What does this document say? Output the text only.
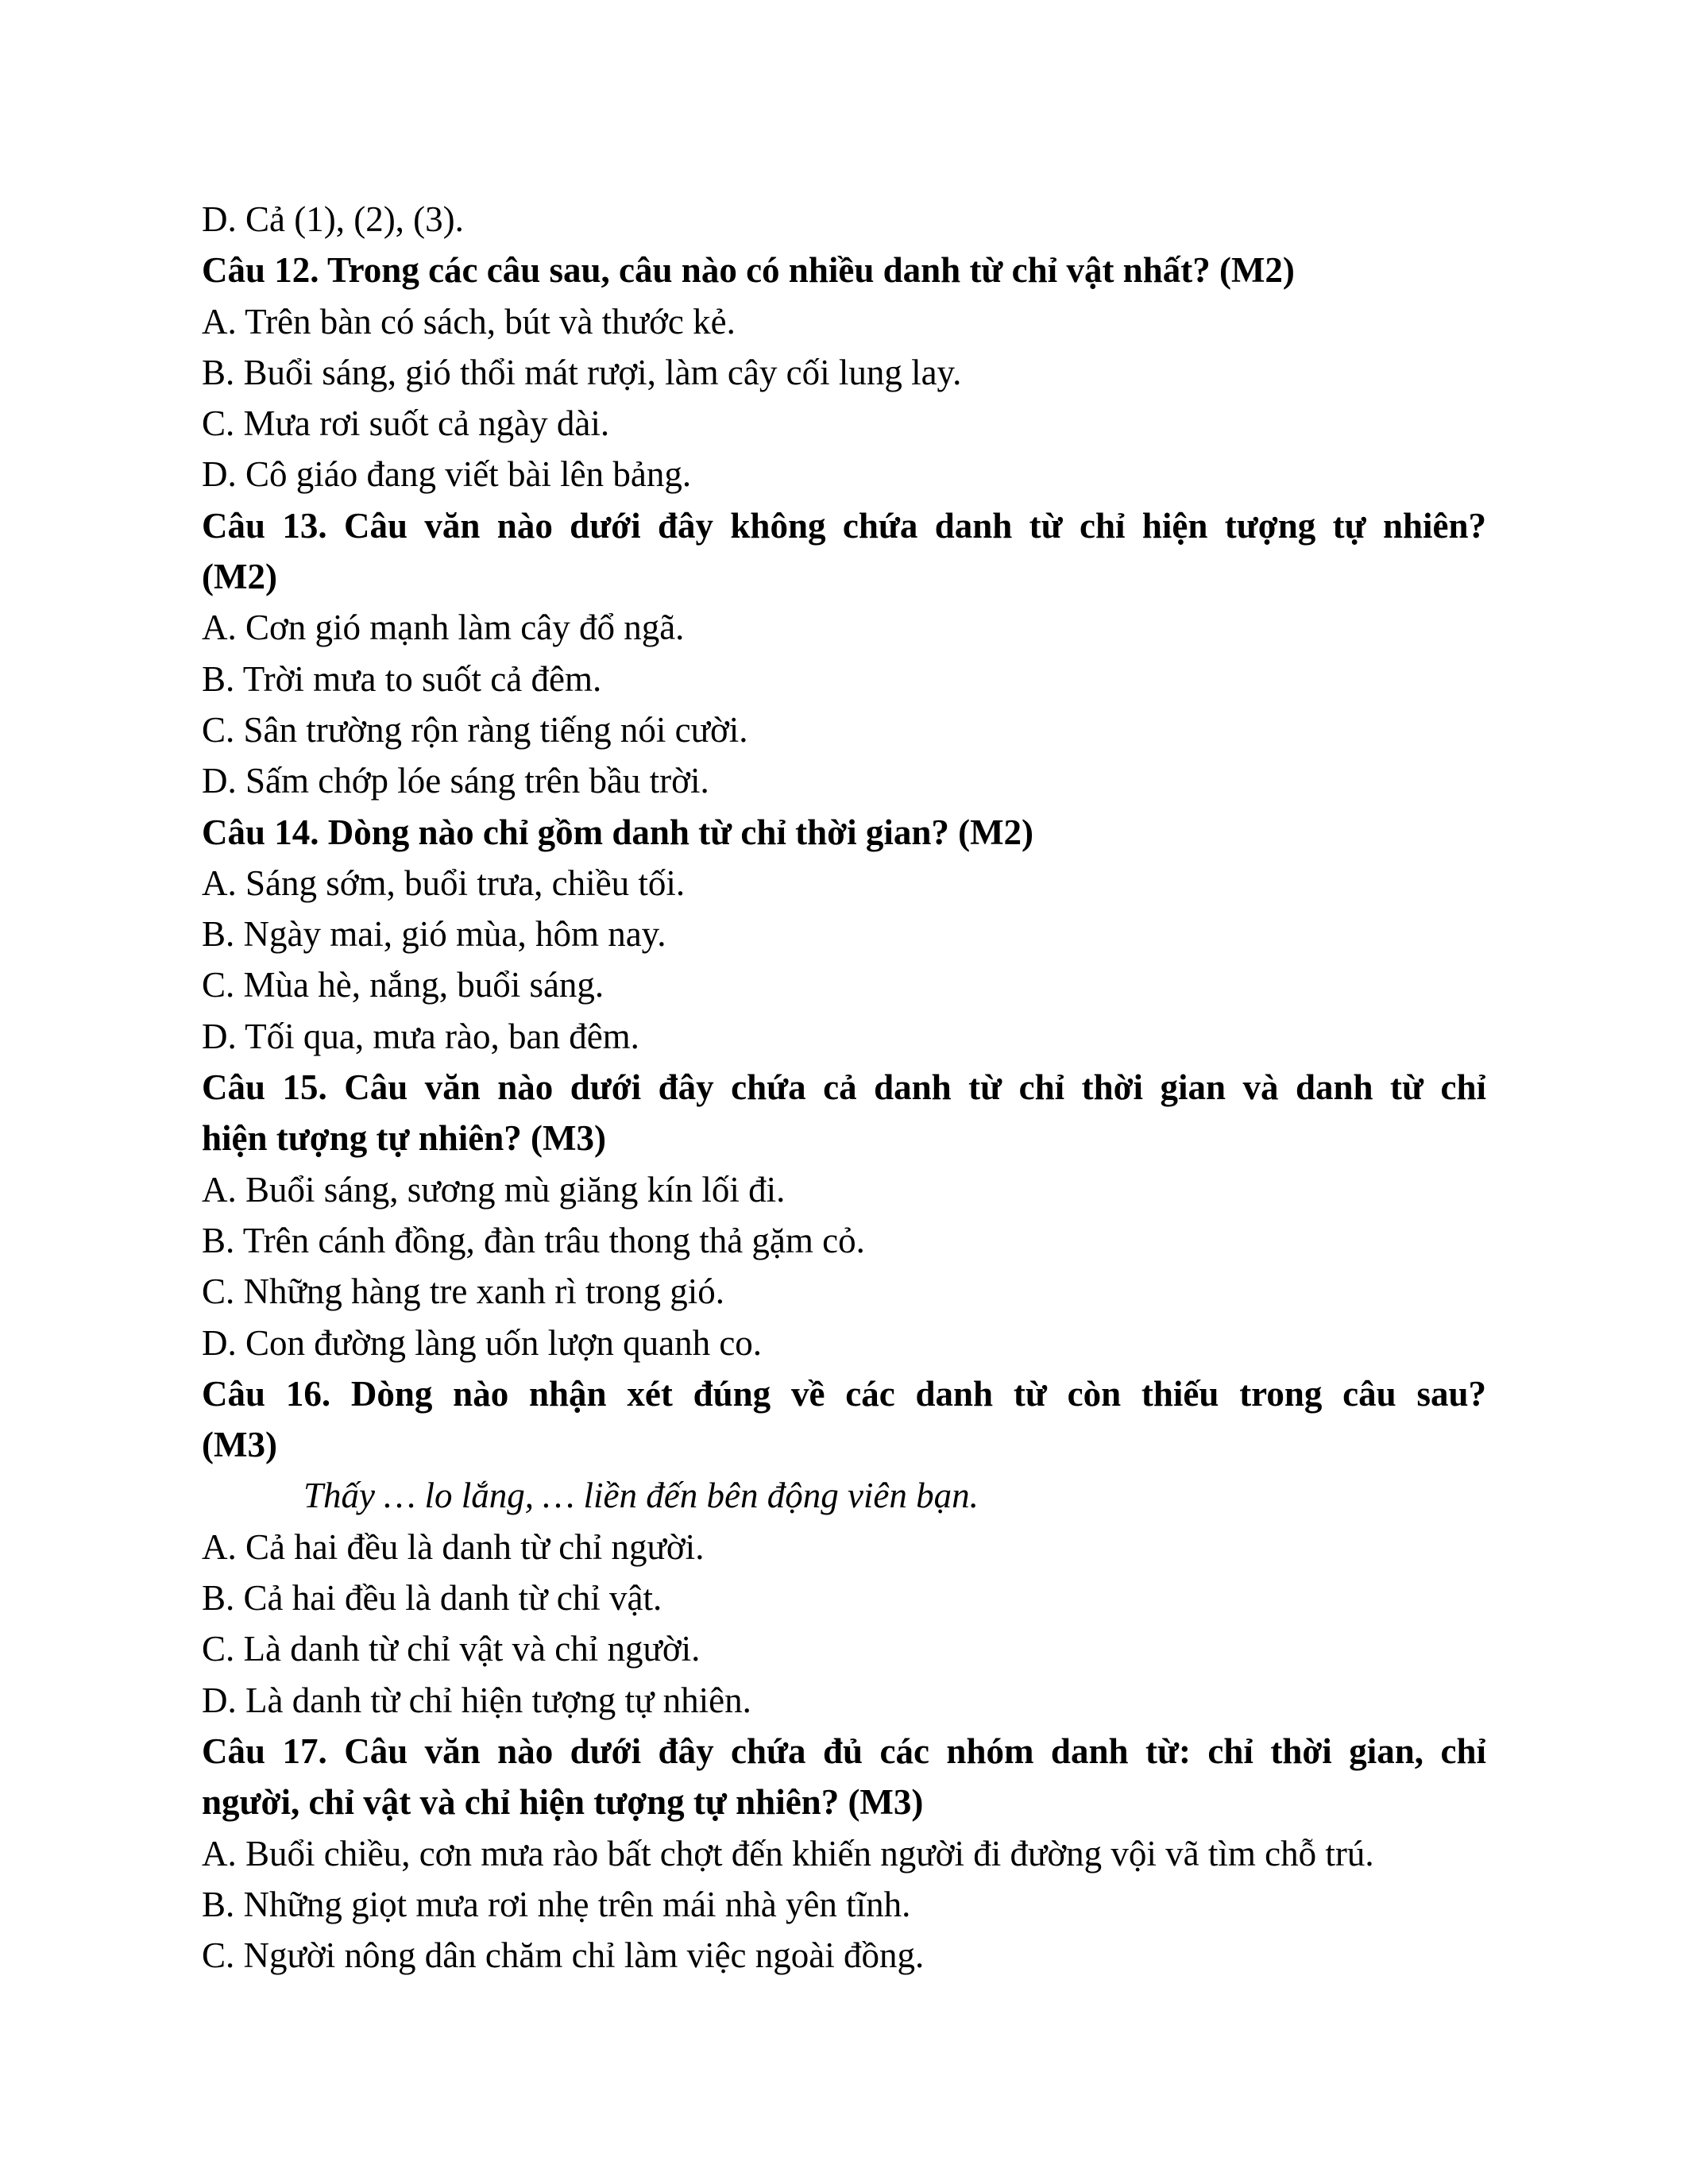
D. Cả (1), (2), (3).
Câu 12. Trong các câu sau, câu nào có nhiều danh từ chỉ vật nhất? (M2)
A. Trên bàn có sách, bút và thước kẻ.
B. Buổi sáng, gió thổi mát rượi, làm cây cối lung lay.
C. Mưa rơi suốt cả ngày dài.
D. Cô giáo đang viết bài lên bảng.
Câu 13. Câu văn nào dưới đây không chứa danh từ chỉ hiện tượng tự nhiên?
(M2)
A. Cơn gió mạnh làm cây đổ ngã.
B. Trời mưa to suốt cả đêm.
C. Sân trường rộn ràng tiếng nói cười.
D. Sấm chớp lóe sáng trên bầu trời.
Câu 14. Dòng nào chỉ gồm danh từ chỉ thời gian? (M2)
A. Sáng sớm, buổi trưa, chiều tối.
B. Ngày mai, gió mùa, hôm nay.
C. Mùa hè, nắng, buổi sáng.
D. Tối qua, mưa rào, ban đêm.
Câu 15. Câu văn nào dưới đây chứa cả danh từ chỉ thời gian và danh từ chỉ
hiện tượng tự nhiên? (M3)
A. Buổi sáng, sương mù giăng kín lối đi.
B. Trên cánh đồng, đàn trâu thong thả gặm cỏ.
C. Những hàng tre xanh rì trong gió.
D. Con đường làng uốn lượn quanh co.
Câu 16. Dòng nào nhận xét đúng về các danh từ còn thiếu trong câu sau?
(M3)
Thấy … lo lắng, … liền đến bên động viên bạn.
A. Cả hai đều là danh từ chỉ người.
B. Cả hai đều là danh từ chỉ vật.
C. Là danh từ chỉ vật và chỉ người.
D. Là danh từ chỉ hiện tượng tự nhiên.
Câu 17. Câu văn nào dưới đây chứa đủ các nhóm danh từ: chỉ thời gian, chỉ
người, chỉ vật và chỉ hiện tượng tự nhiên? (M3)
A. Buổi chiều, cơn mưa rào bất chợt đến khiến người đi đường vội vã tìm chỗ trú.
B. Những giọt mưa rơi nhẹ trên mái nhà yên tĩnh.
C. Người nông dân chăm chỉ làm việc ngoài đồng.
